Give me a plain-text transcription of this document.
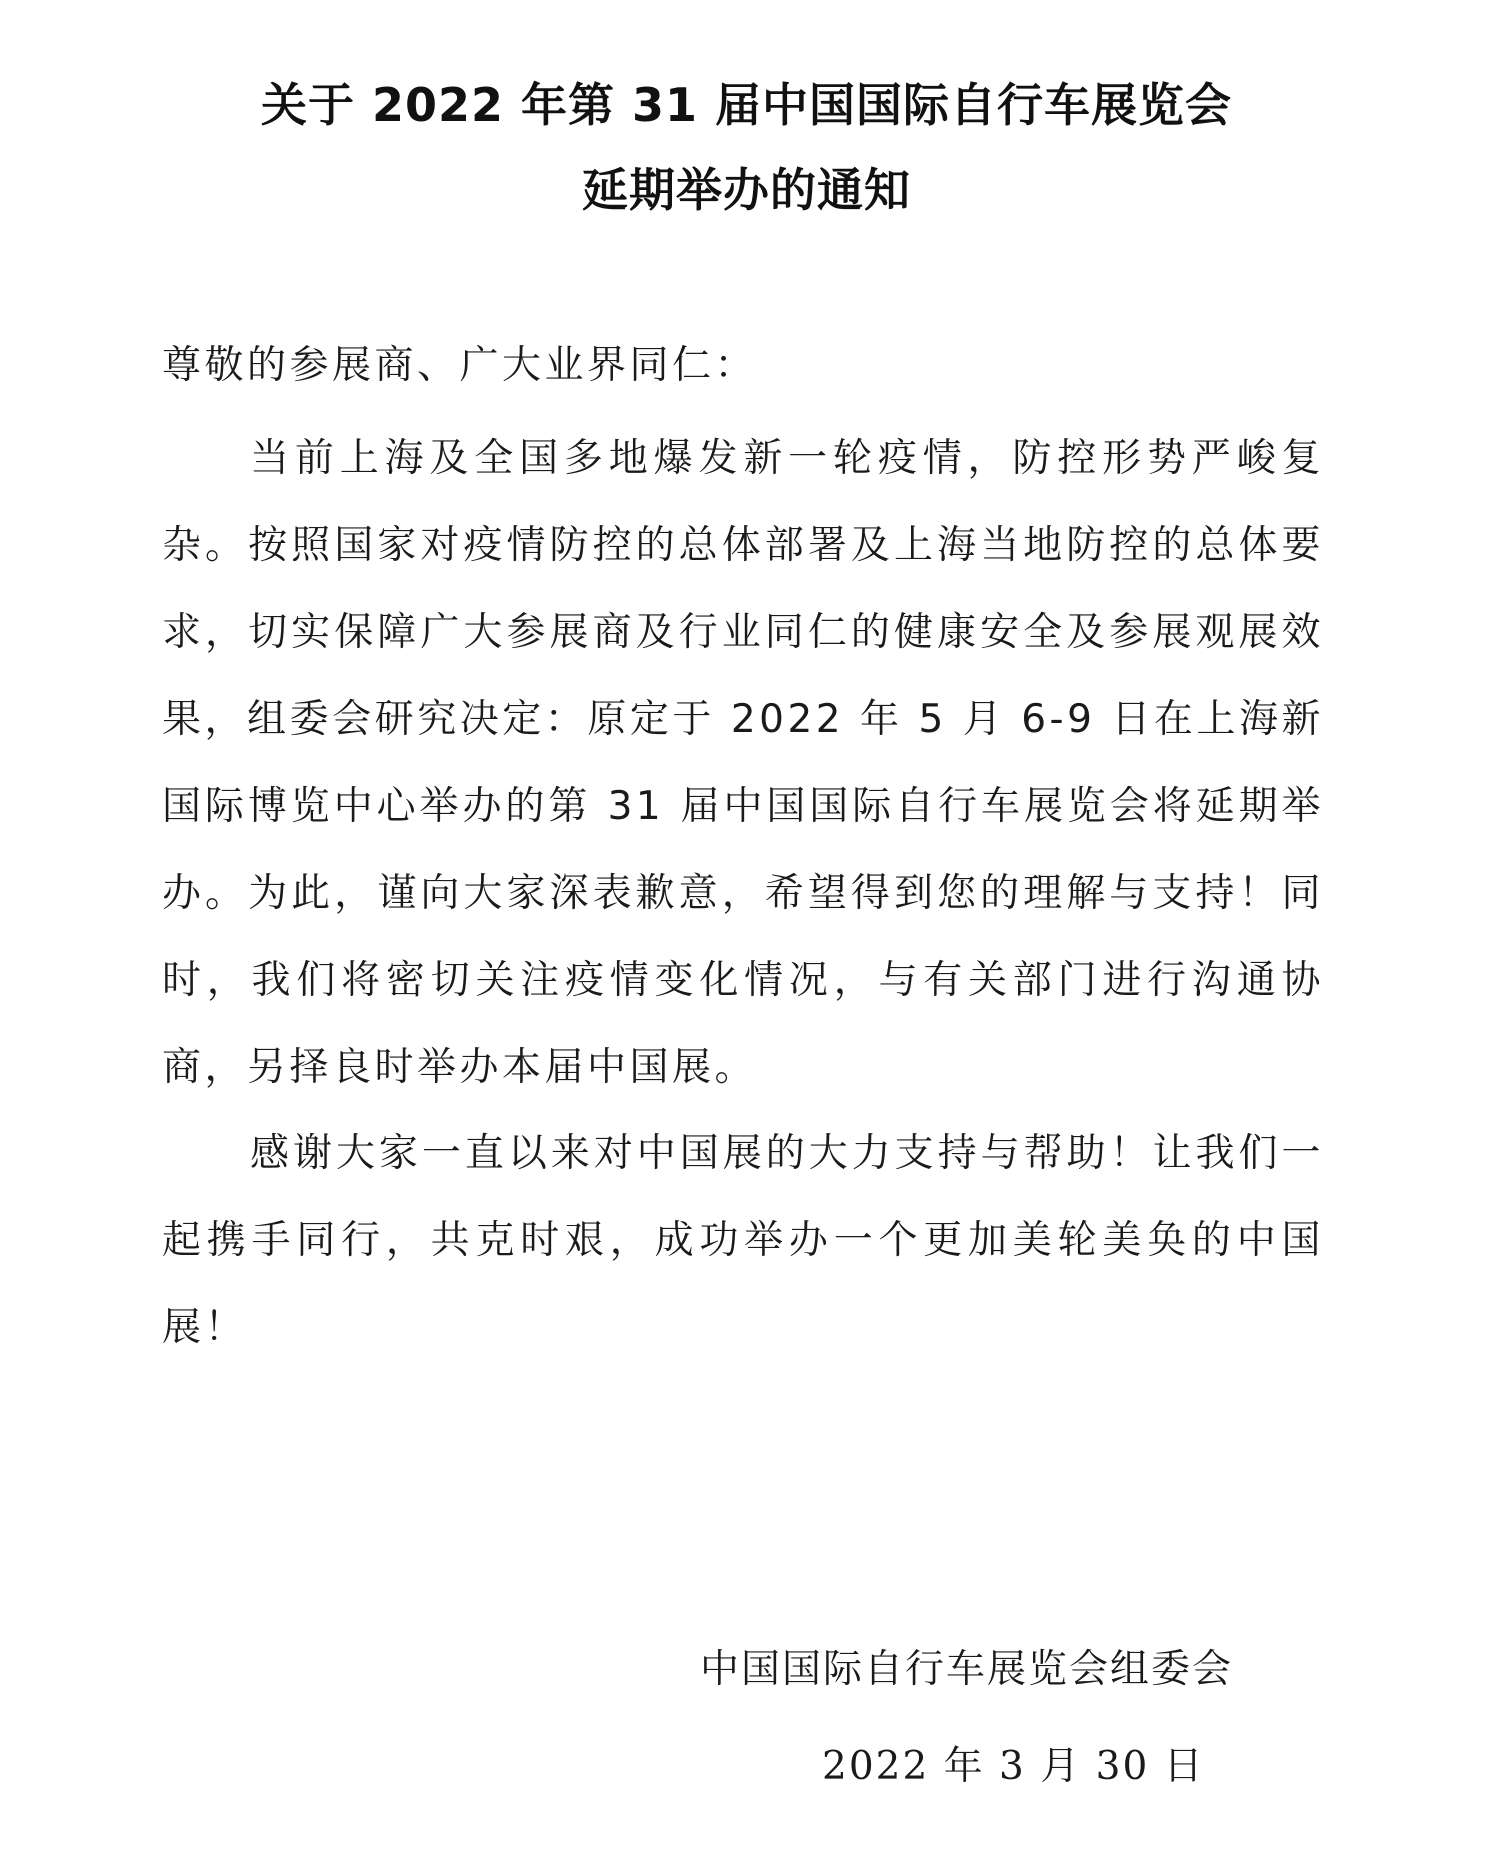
关于 2022 年第 31 届中国国际自行车展览会
延期举办的通知
尊敬的参展商、广大业界同仁：
当前上海及全国多地爆发新一轮疫情，防控形势严峻复杂。按照国家对疫情防控的总体部署及上海当地防控的总体要求，切实保障广大参展商及行业同仁的健康安全及参展观展效果，组委会研究决定：原定于 2022 年 5 月 6-9 日在上海新国际博览中心举办的第 31 届中国国际自行车展览会将延期举办。为此，谨向大家深表歉意，希望得到您的理解与支持！同时，我们将密切关注疫情变化情况，与有关部门进行沟通协商，另择良时举办本届中国展。
感谢大家一直以来对中国展的大力支持与帮助！让我们一起携手同行，共克时艰，成功举办一个更加美轮美奂的中国展！
中国国际自行车展览会组委会
2022 年 3 月 30 日
